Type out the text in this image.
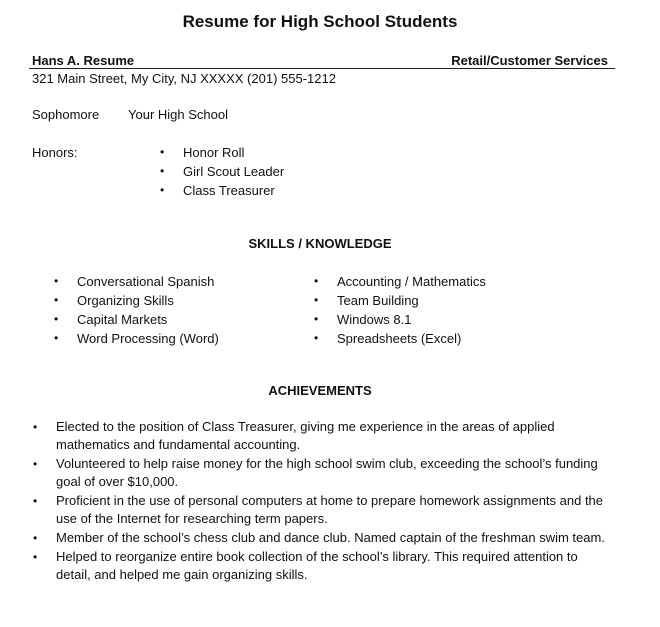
Resume for High School Students
Hans A. Resume	Retail/Customer Services
321 Main Street, My City, NJ XXXXX (201) 555-1212
Sophomore Your High School
Honors:	• Honor Roll
• Girl Scout Leader
• Class Treasurer
SKILLS / KNOWLEDGE
• Conversational Spanish
• Organizing Skills
• Capital Markets
• Word Processing (Word)
• Accounting / Mathematics
• Team Building
• Windows 8.1
• Spreadsheets (Excel)
ACHIEVEMENTS
• Elected to the position of Class Treasurer, giving me experience in the areas of applied mathematics and fundamental accounting.
• Volunteered to help raise money for the high school swim club, exceeding the school’s funding goal of over $10,000.
• Proficient in the use of personal computers at home to prepare homework assignments and the use of the Internet for researching term papers.
• Member of the school’s chess club and dance club. Named captain of the freshman swim team.
• Helped to reorganize entire book collection of the school’s library. This required attention to detail, and helped me gain organizing skills.
